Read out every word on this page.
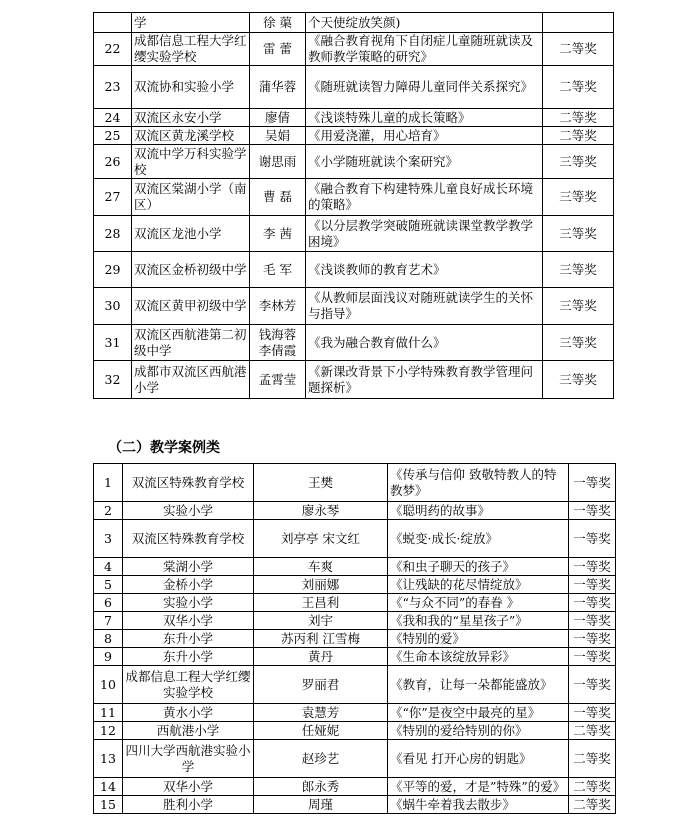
	学	徐 蕖	个天使绽放笑颜)	
22	成都信息工程大学红缨实验学校	雷 蕾	《融合教育视角下自闭症儿童随班就读及教师教学策略的研究》	二等奖
23	双流协和实验小学	蒲华蓉	《随班就读智力障碍儿童同伴关系探究》	二等奖
24	双流区永安小学	廖倩	《浅谈特殊儿童的成长策略》	二等奖
25	双流区黄龙溪学校	吴娟	《用爱浇灌，用心培育》	二等奖
26	双流中学万科实验学校	谢思雨	《小学随班就读个案研究》	三等奖
27	双流区棠湖小学（南区）	曹 磊	《融合教育下构建特殊儿童良好成长环境的策略》	三等奖
28	双流区龙池小学	李 茜	《以分层教学突破随班就读课堂教学教学困境》	三等奖
29	双流区金桥初级中学	毛 军	《浅谈教师的教育艺术》	三等奖
30	双流区黄甲初级中学	李林芳	《从教师层面浅议对随班就读学生的关怀与指导》	三等奖
31	双流区西航港第二初级中学	钱海蓉 李倩霞	《我为融合教育做什么》	三等奖
32	成都市双流区西航港小学	孟霄莹	《新课改背景下小学特殊教育教学管理问题探析》	三等奖
（二）教学案例类
1	双流区特殊教育学校	王樊	《传承与信仰 致敬特教人的特教梦》	一等奖
2	实验小学	廖永琴	《聪明药的故事》	一等奖
3	双流区特殊教育学校	刘亭亭 宋文红	《蜕变·成长·绽放》	一等奖
4	棠湖小学	车爽	《和虫子聊天的孩子》	一等奖
5	金桥小学	刘丽娜	《让残缺的花尽情绽放》	一等奖
6	实验小学	王昌利	《“与众不同”的春眷 》	一等奖
7	双华小学	刘宇	《我和我的“星星孩子”》	一等奖
8	东升小学	苏丙利 江雪梅	《特别的爱》	一等奖
9	东升小学	黄丹	《生命本该绽放异彩》	一等奖
10	成都信息工程大学红缨实验学校	罗丽君	《教育，让每一朵都能盛放》	一等奖
11	黄水小学	袁慧芳	《“你”是夜空中最亮的星》	一等奖
12	西航港小学	任娅妮	《特别的爱给特别的你》	二等奖
13	四川大学西航港实验小学	赵珍艺	《看见 打开心房的钥匙》	二等奖
14	双华小学	郎永秀	《平等的爱，才是”特殊”的爱》	二等奖
15	胜利小学	周瑾	《蜗牛牵着我去散步》	二等奖
